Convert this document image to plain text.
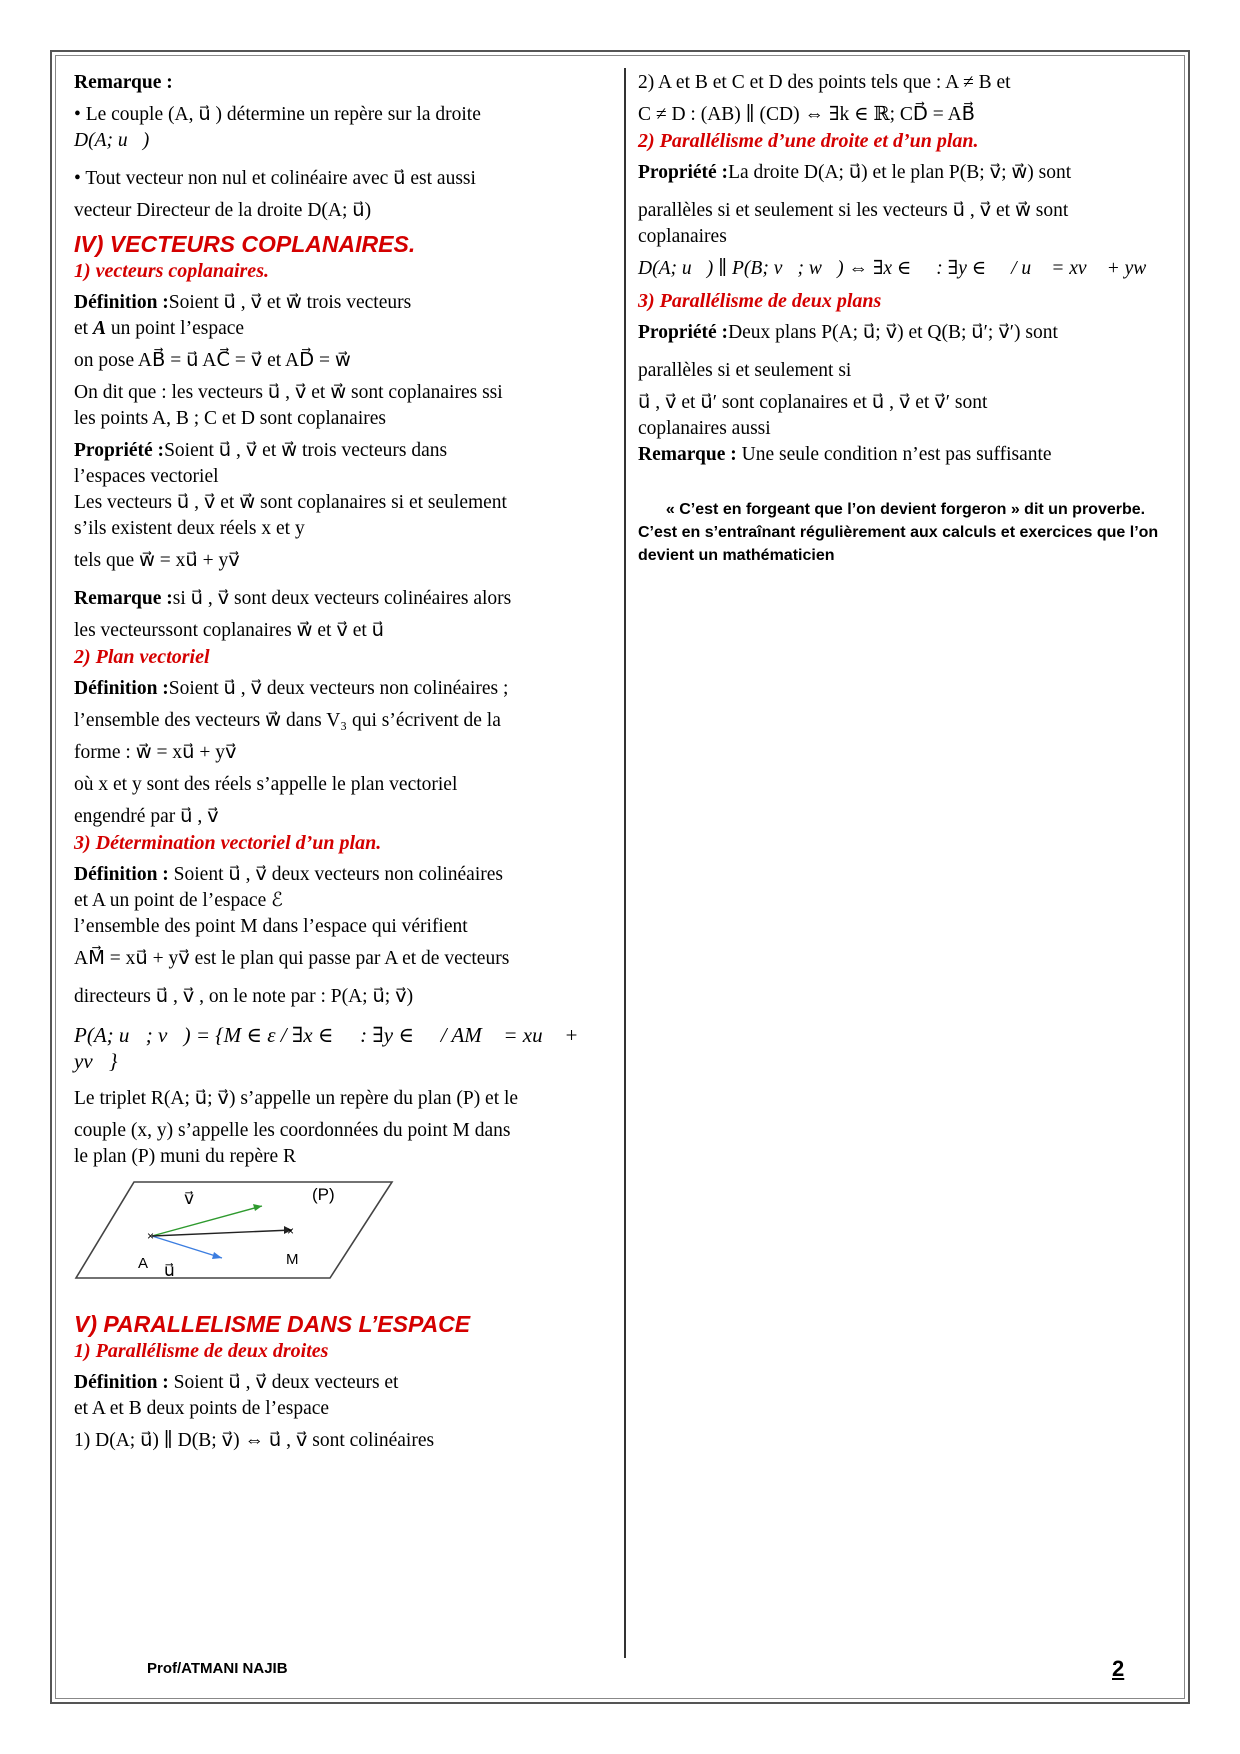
Remarque :

• Le couple (A, u⃗ ) détermine un repère sur la droite

D(A; u⃗)

• Tout vecteur non nul et colinéaire avec u⃗ est aussi

vecteur Directeur de la droite D(A; u⃗)

IV) VECTEURS COPLANAIRES.

1) vecteurs coplanaires.

Définition :Soient u⃗ , v⃗ et w⃗ trois vecteurs

et A un point l’espace

on pose AB⃗ = u⃗ AC⃗ = v⃗ et AD⃗ = w⃗

On dit que : les vecteurs u⃗ , v⃗ et w⃗ sont coplanaires ssi

les points A, B ; C et D sont coplanaires

Propriété :Soient u⃗ , v⃗ et w⃗ trois vecteurs dans

l’espaces vectoriel

Les vecteurs u⃗ , v⃗ et w⃗ sont coplanaires si et seulement

s’ils existent deux réels x et y

tels que w⃗ = xu⃗ + yv⃗

Remarque :si u⃗ , v⃗ sont deux vecteurs colinéaires alors

les vecteurssont coplanaires w⃗ et v⃗ et u⃗

2) Plan vectoriel

Définition :Soient u⃗ , v⃗ deux vecteurs non colinéaires ;

l’ensemble des vecteurs w⃗ dans V₃ qui s’écrivent de la

forme : w⃗ = xu⃗ + yv⃗

où x et y sont des réels s’appelle le plan vectoriel

engendré par u⃗ , v⃗

3) Détermination vectoriel d’un plan.

Définition : Soient u⃗ , v⃗ deux vecteurs non colinéaires

et A un point de l’espace ℰ

l’ensemble des point M dans l’espace qui vérifient

AM⃗ = xu⃗ + yv⃗ est le plan qui passe par A et de vecteurs

directeurs u⃗ , v⃗ , on le note par : P(A; u⃗; v⃗)

P(A; u⃗; v⃗) = {M ∈ ε / ∃x ∈ ℝ : ∃y ∈ ℝ / AM⃗ = xu⃗ + yv⃗}

Le triplet R(A; u⃗; v⃗) s’appelle un repère du plan (P) et le

couple (x, y) s’appelle les coordonnées du point M dans

le plan (P) muni du repère R

×	×
v⃗	(P)
A u⃗
M

V) PARALLELISME DANS L’ESPACE

1) Parallélisme de deux droites

Définition : Soient u⃗ , v⃗ deux vecteurs et

et A et B deux points de l’espace

1) D(A; u⃗) ∥ D(B; v⃗) ⇔ u⃗ , v⃗ sont colinéaires

2) A et B et C et D des points tels que : A ≠ B et

C ≠ D : (AB) ∥ (CD) ⇔ ∃k ∈ ℝ; CD⃗ = AB⃗

2) Parallélisme d’une droite et d’un plan.

Propriété :La droite D(A; u⃗) et le plan P(B; v⃗; w⃗) sont

parallèles si et seulement si les vecteurs u⃗ , v⃗ et w⃗ sont

coplanaires

D(A; u⃗) ∥ P(B; v⃗; w⃗) ⇔ ∃x ∈ ℝ : ∃y ∈ ℝ / u⃗ = xv⃗ + yw⃗

3) Parallélisme de deux plans

Propriété :Deux plans P(A; u⃗; v⃗) et Q(B; u⃗′; v⃗′) sont

parallèles si et seulement si

u⃗ , v⃗ et u⃗′ sont coplanaires et u⃗ , v⃗ et v⃗′ sont

coplanaires aussi

Remarque : Une seule condition n’est pas suffisante

« C’est en forgeant que l’on devient forgeron » dit un proverbe.

C’est en s’entraînant régulièrement aux calculs et exercices que l’on devient un mathématicien

Prof/ATMANI NAJIB	2
